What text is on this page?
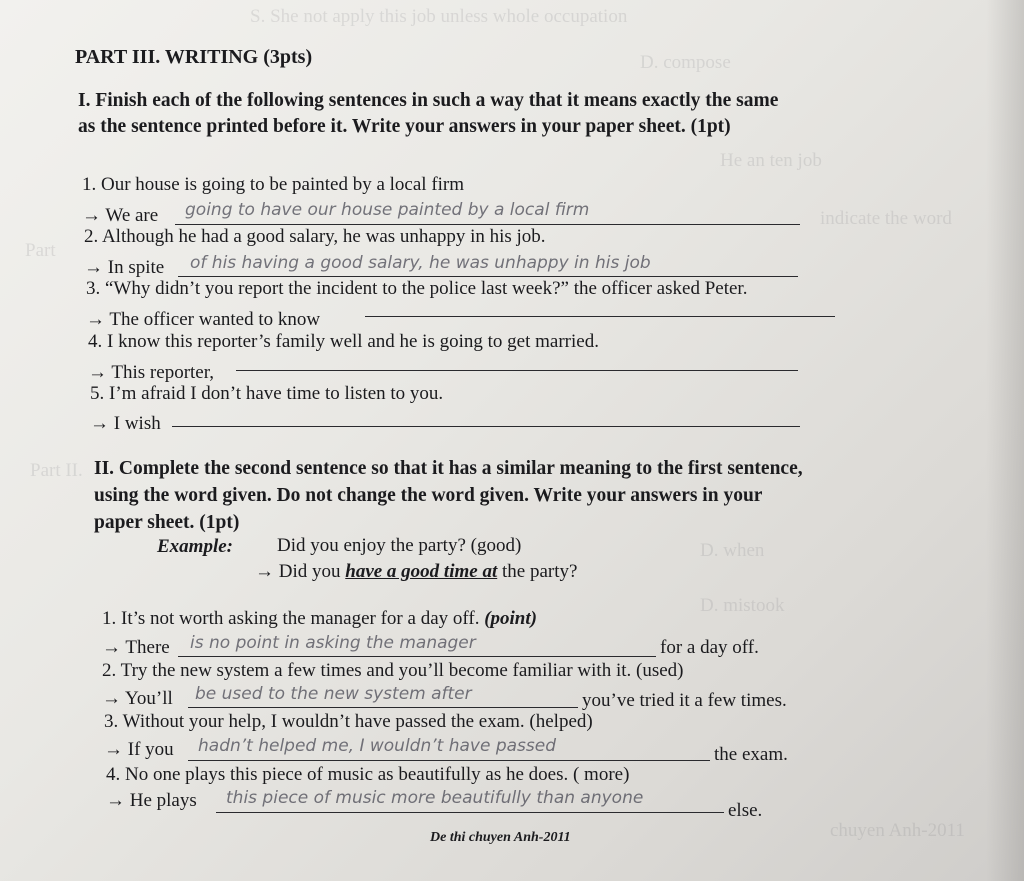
S. She not apply this job unless whole occupation
D. compose
He an ten job
Part
indicate the word
Part II.
D. when
D. mistook
chuyen Anh-2011
PART III. WRITING (3pts)
I. Finish each of the following sentences in such a way that it means exactly the same
as the sentence printed before it. Write your answers in your paper sheet. (1pt)
1. Our house is going to be painted by a local firm
→ We are going to have our house painted by a local firm
2. Although he had a good salary, he was unhappy in his job.
→ In spite of his having a good salary, he was unhappy in his job
3. “Why didn’t you report the incident to the police last week?” the officer asked Peter.
→ The officer wanted to know
4. I know this reporter’s family well and he is going to get married.
→ This reporter,
5. I’m afraid I don’t have time to listen to you.
→ I wish
II. Complete the second sentence so that it has a similar meaning to the first sentence,
using the word given. Do not change the word given. Write your answers in your
paper sheet. (1pt)
Example: Did you enjoy the party? (good)
→ Did you have a good time at the party?
1. It’s not worth asking the manager for a day off. (point)
→ There is no point in asking the manager	for a day off.
2. Try the new system a few times and you’ll become familiar with it. (used)
→ You’ll be used to the new system after	you’ve tried it a few times.
3. Without your help, I wouldn’t have passed the exam. (helped)
→ If you hadn’t helped me, I wouldn’t have passed	the exam.
4. No one plays this piece of music as beautifully as he does. ( more)
→ He plays this piece of music more beautifully than anyone
else.
De thi chuyen Anh-2011
